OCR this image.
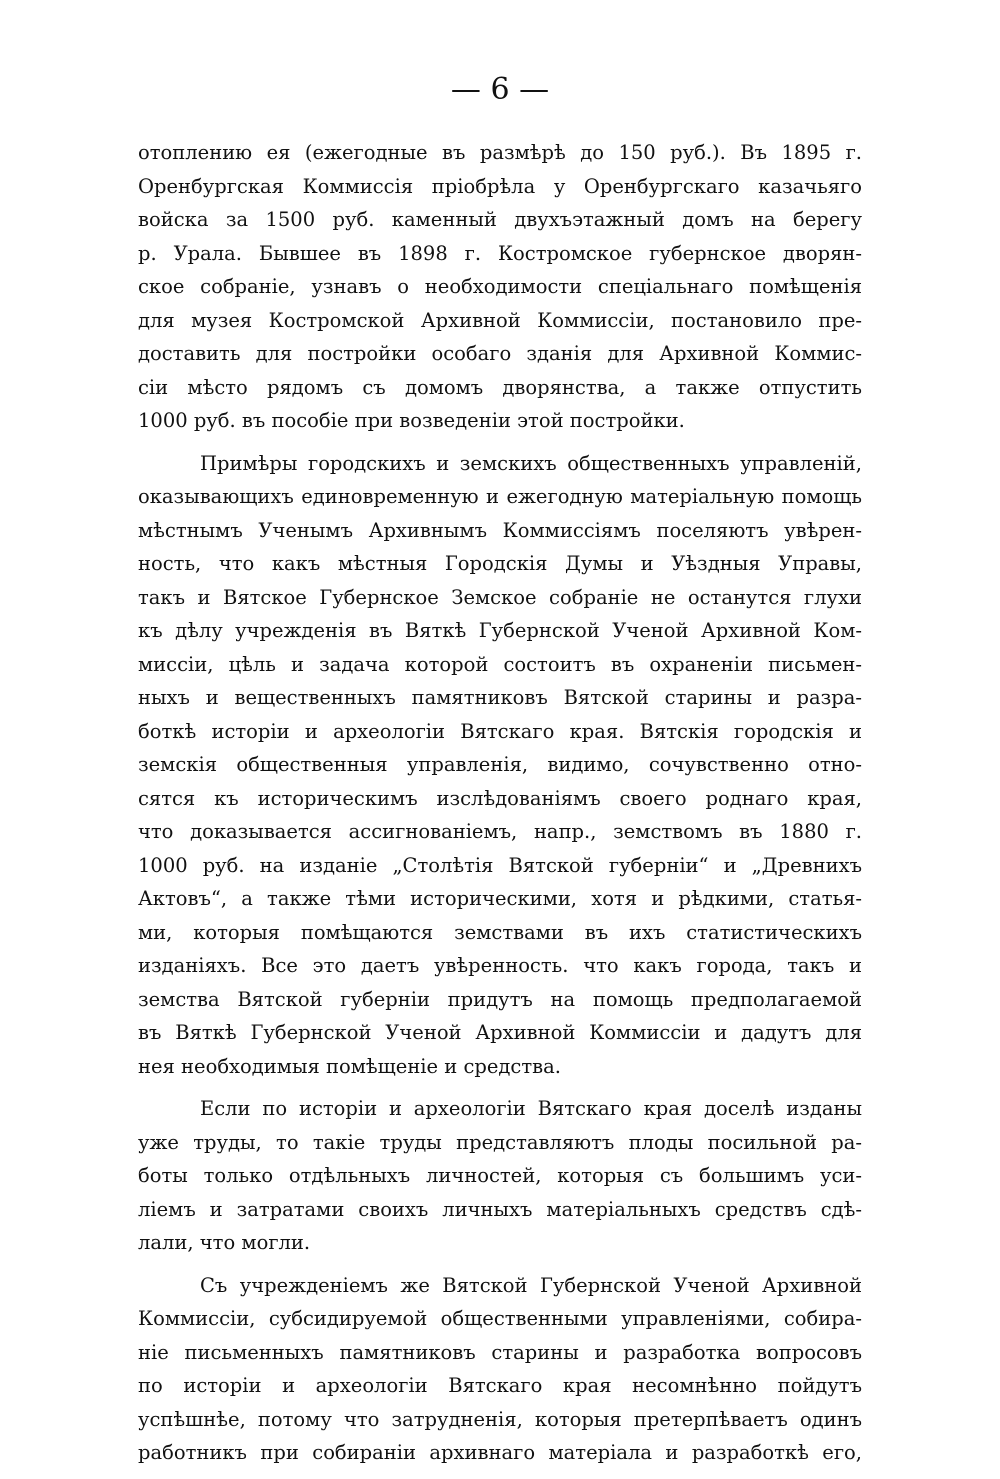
— 6 —
отоплению ея (ежегодные въ размѣрѣ до 150 руб.). Въ 1895 г.
Оренбургская Коммиссія пріобрѣла у Оренбургскаго казачьяго
войска за 1500 руб. каменный двухъэтажный домъ на берегу
р. Урала. Бывшее въ 1898 г. Костромское губернское дворян-
ское собраніе, узнавъ о необходимости спеціальнаго помѣщенія
для музея Костромской Архивной Коммиссіи, постановило пре-
доставить для постройки особаго зданія для Архивной Коммис-
сіи мѣсто рядомъ съ домомъ дворянства, а также отпустить
1000 руб. въ пособіе при возведеніи этой постройки.
Примѣры городскихъ и земскихъ общественныхъ управленій,
оказывающихъ единовременную и ежегодную матеріальную помощь
мѣстнымъ Ученымъ Архивнымъ Коммиссіямъ поселяютъ увѣрен-
ность, что какъ мѣстныя Городскія Думы и Уѣздныя Управы,
такъ и Вятское Губернское Земское собраніе не останутся глухи
къ дѣлу учрежденія въ Вяткѣ Губернской Ученой Архивной Ком-
миссіи, цѣль и задача которой состоитъ въ охраненіи письмен-
ныхъ и вещественныхъ памятниковъ Вятской старины и разра-
боткѣ исторіи и археологіи Вятскаго края. Вятскія городскія и
земскія общественныя управленія, видимо, сочувственно отно-
сятся къ историческимъ изслѣдованіямъ своего роднаго края,
что доказывается ассигнованіемъ, напр., земствомъ въ 1880 г.
1000 руб. на изданіе „Столѣтія Вятской губерніи“ и „Древнихъ
Актовъ“, а также тѣми историческими, хотя и рѣдкими, статья-
ми, которыя помѣщаются земствами въ ихъ статистическихъ
изданіяхъ. Все это даетъ увѣренность. что какъ города, такъ и
земства Вятской губерніи придутъ на помощь предполагаемой
въ Вяткѣ Губернской Ученой Архивной Коммиссіи и дадутъ для
нея необходимыя помѣщеніе и средства.
Если по исторіи и археологіи Вятскаго края доселѣ изданы
уже труды, то такіе труды представляютъ плоды посильной ра-
боты только отдѣльныхъ личностей, которыя съ большимъ уси-
ліемъ и затратами своихъ личныхъ матеріальныхъ средствъ сдѣ-
лали, что могли.
Съ учрежденіемъ же Вятской Губернской Ученой Архивной
Коммиссіи, субсидируемой общественными управленіями, собира-
ніе письменныхъ памятниковъ старины и разработка вопросовъ
по исторіи и археологіи Вятскаго края несомнѣнно пойдутъ
успѣшнѣе, потому что затрудненія, которыя претерпѣваетъ одинъ
работникъ при собираніи архивнаго матеріала и разработкѣ его,
